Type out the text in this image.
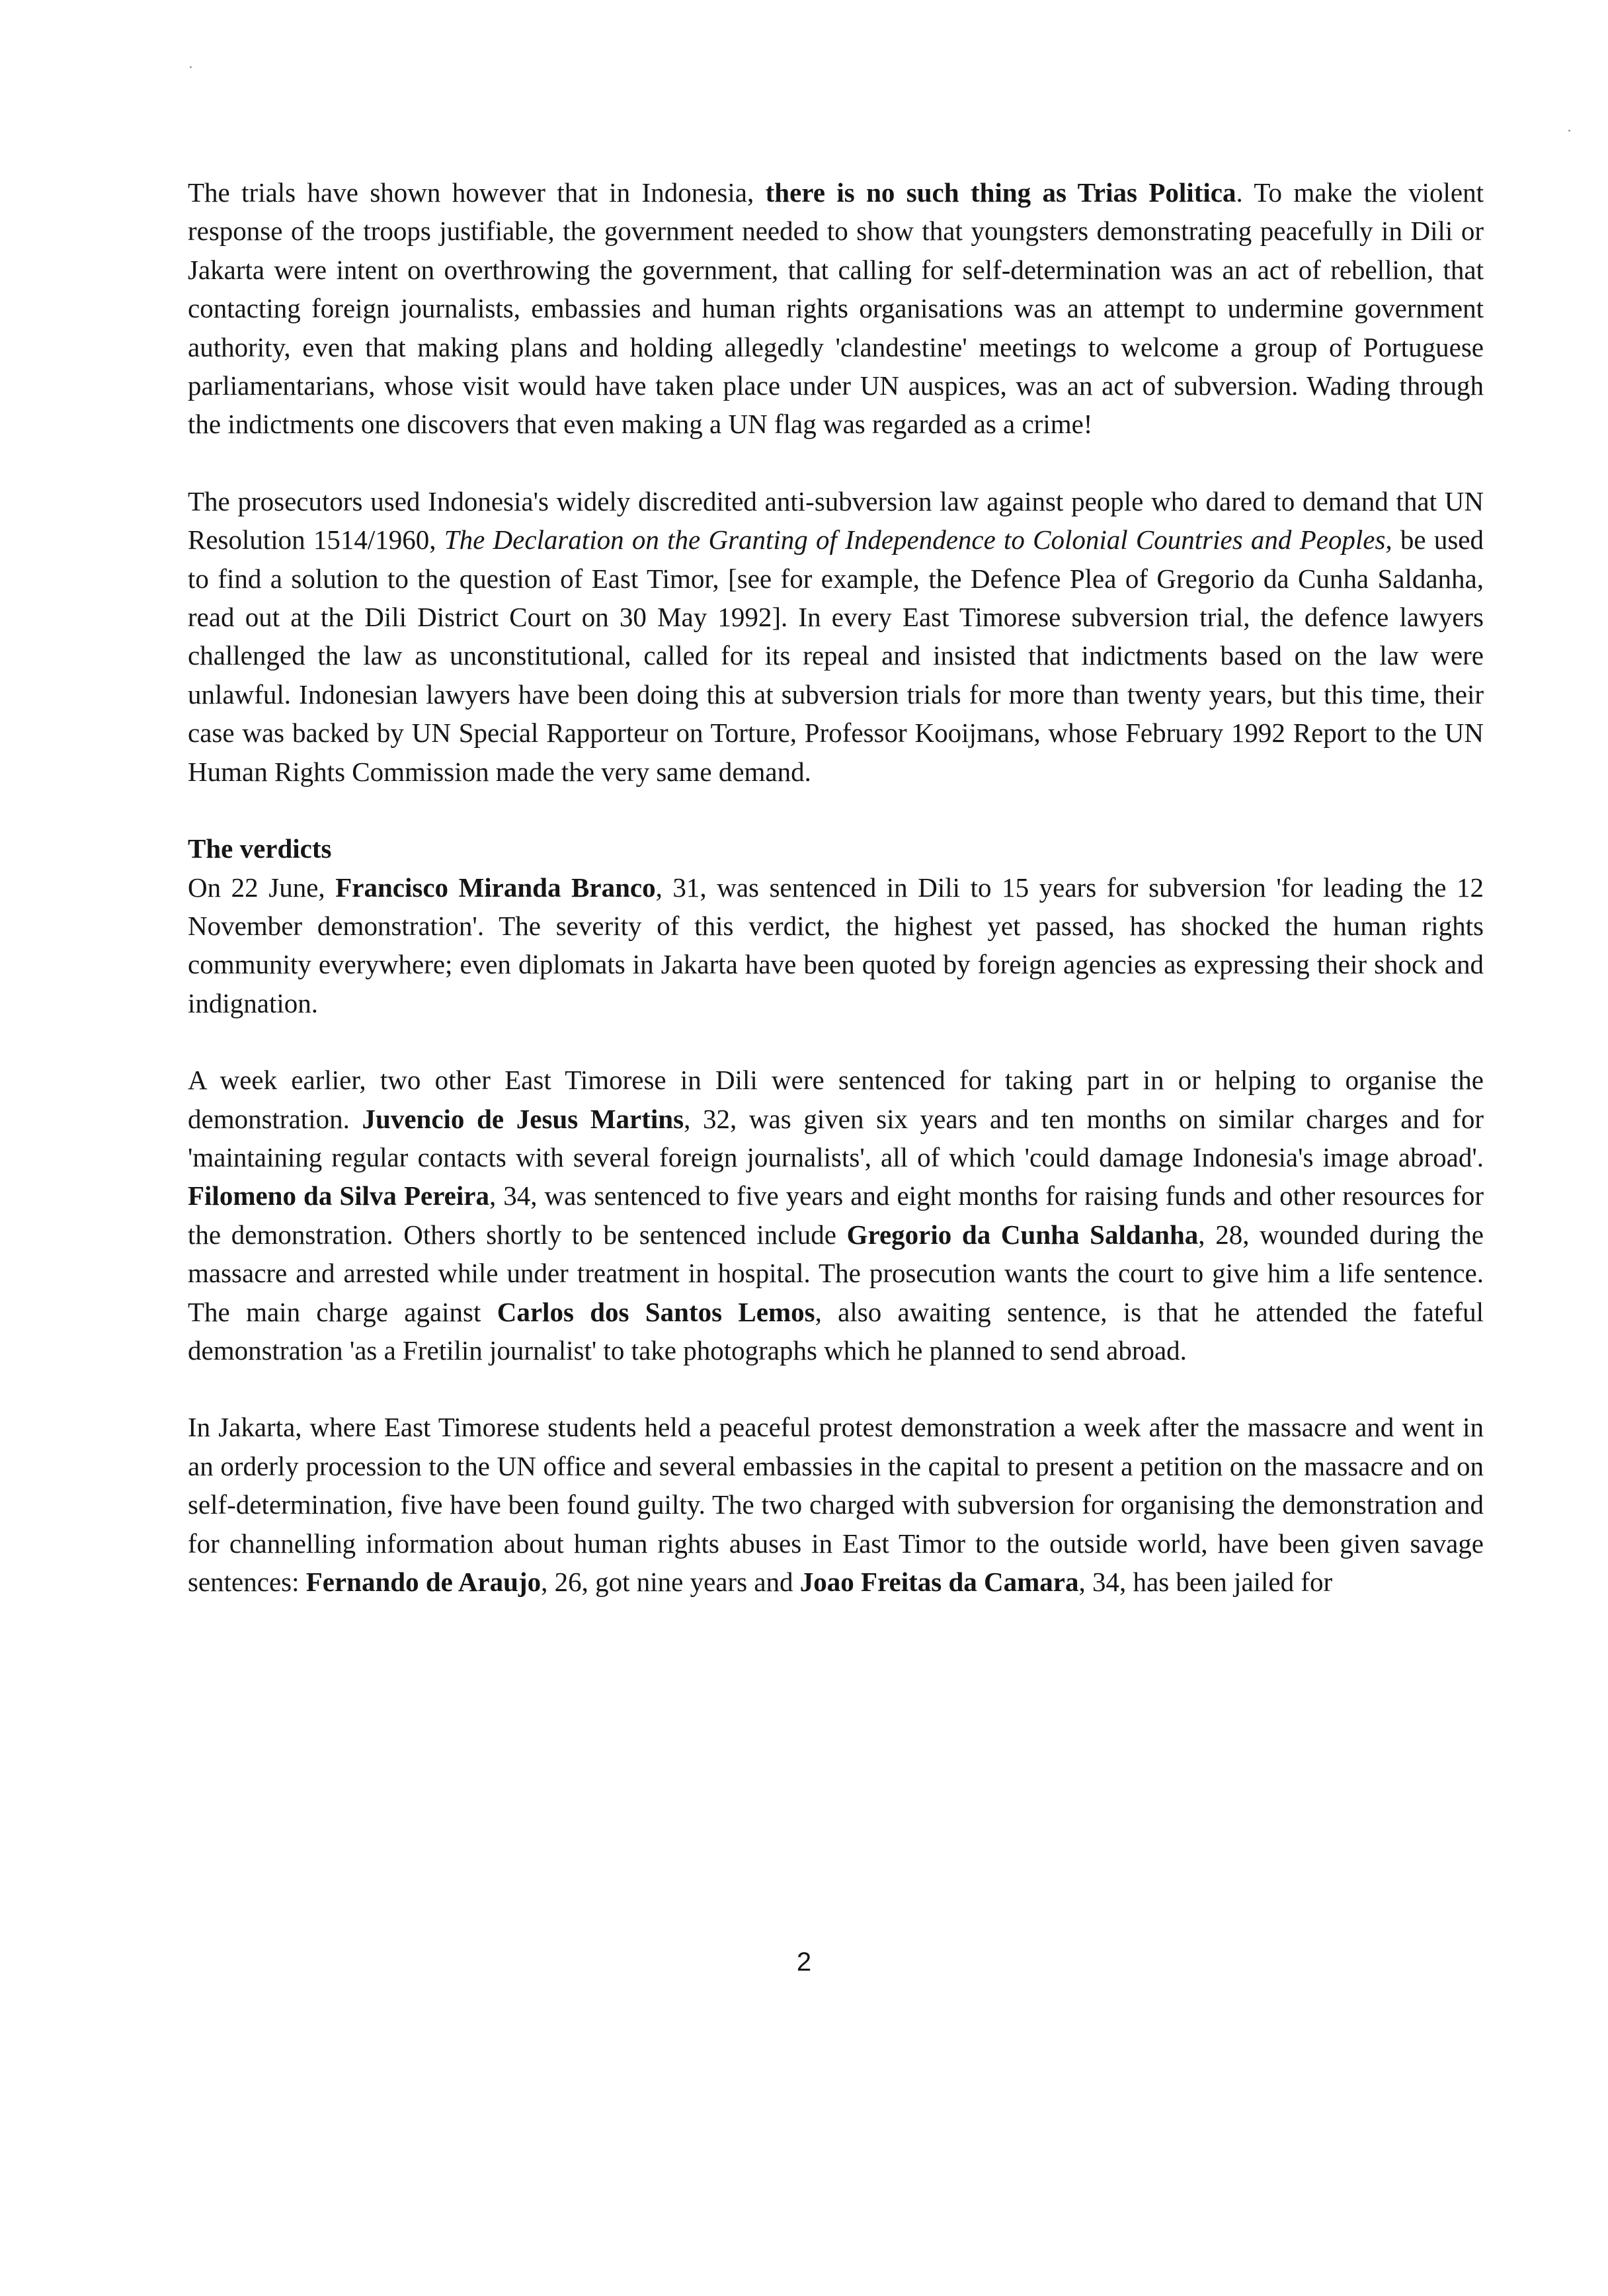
The trials have shown however that in Indonesia, there is no such thing as Trias Politica. To make the violent response of the troops justifiable, the government needed to show that youngsters demonstrating peacefully in Dili or Jakarta were intent on overthrowing the government, that calling for self-determination was an act of rebellion, that contacting foreign journalists, embassies and human rights organisations was an attempt to undermine government authority, even that making plans and holding allegedly 'clandestine' meetings to welcome a group of Portuguese parliamentarians, whose visit would have taken place under UN auspices, was an act of subversion. Wading through the indictments one discovers that even making a UN flag was regarded as a crime!

The prosecutors used Indonesia's widely discredited anti-subversion law against people who dared to demand that UN Resolution 1514/1960, The Declaration on the Granting of Independence to Colonial Countries and Peoples, be used to find a solution to the question of East Timor, [see for example, the Defence Plea of Gregorio da Cunha Saldanha, read out at the Dili District Court on 30 May 1992]. In every East Timorese subversion trial, the defence lawyers challenged the law as unconstitutional, called for its repeal and insisted that indictments based on the law were unlawful. Indonesian lawyers have been doing this at subversion trials for more than twenty years, but this time, their case was backed by UN Special Rapporteur on Torture, Professor Kooijmans, whose February 1992 Report to the UN Human Rights Commission made the very same demand.

The verdicts

On 22 June, Francisco Miranda Branco, 31, was sentenced in Dili to 15 years for subversion 'for leading the 12 November demonstration'. The severity of this verdict, the highest yet passed, has shocked the human rights community everywhere; even diplomats in Jakarta have been quoted by foreign agencies as expressing their shock and indignation.

A week earlier, two other East Timorese in Dili were sentenced for taking part in or helping to organise the demonstration. Juvencio de Jesus Martins, 32, was given six years and ten months on similar charges and for 'maintaining regular contacts with several foreign journalists', all of which 'could damage Indonesia's image abroad'. Filomeno da Silva Pereira, 34, was sentenced to five years and eight months for raising funds and other resources for the demonstration. Others shortly to be sentenced include Gregorio da Cunha Saldanha, 28, wounded during the massacre and arrested while under treatment in hospital. The prosecution wants the court to give him a life sentence. The main charge against Carlos dos Santos Lemos, also awaiting sentence, is that he attended the fateful demonstration 'as a Fretilin journalist' to take photographs which he planned to send abroad.

In Jakarta, where East Timorese students held a peaceful protest demonstration a week after the massacre and went in an orderly procession to the UN office and several embassies in the capital to present a petition on the massacre and on self-determination, five have been found guilty. The two charged with subversion for organising the demonstration and for channelling information about human rights abuses in East Timor to the outside world, have been given savage sentences: Fernando de Araujo, 26, got nine years and Joao Freitas da Camara, 34, has been jailed for

2
